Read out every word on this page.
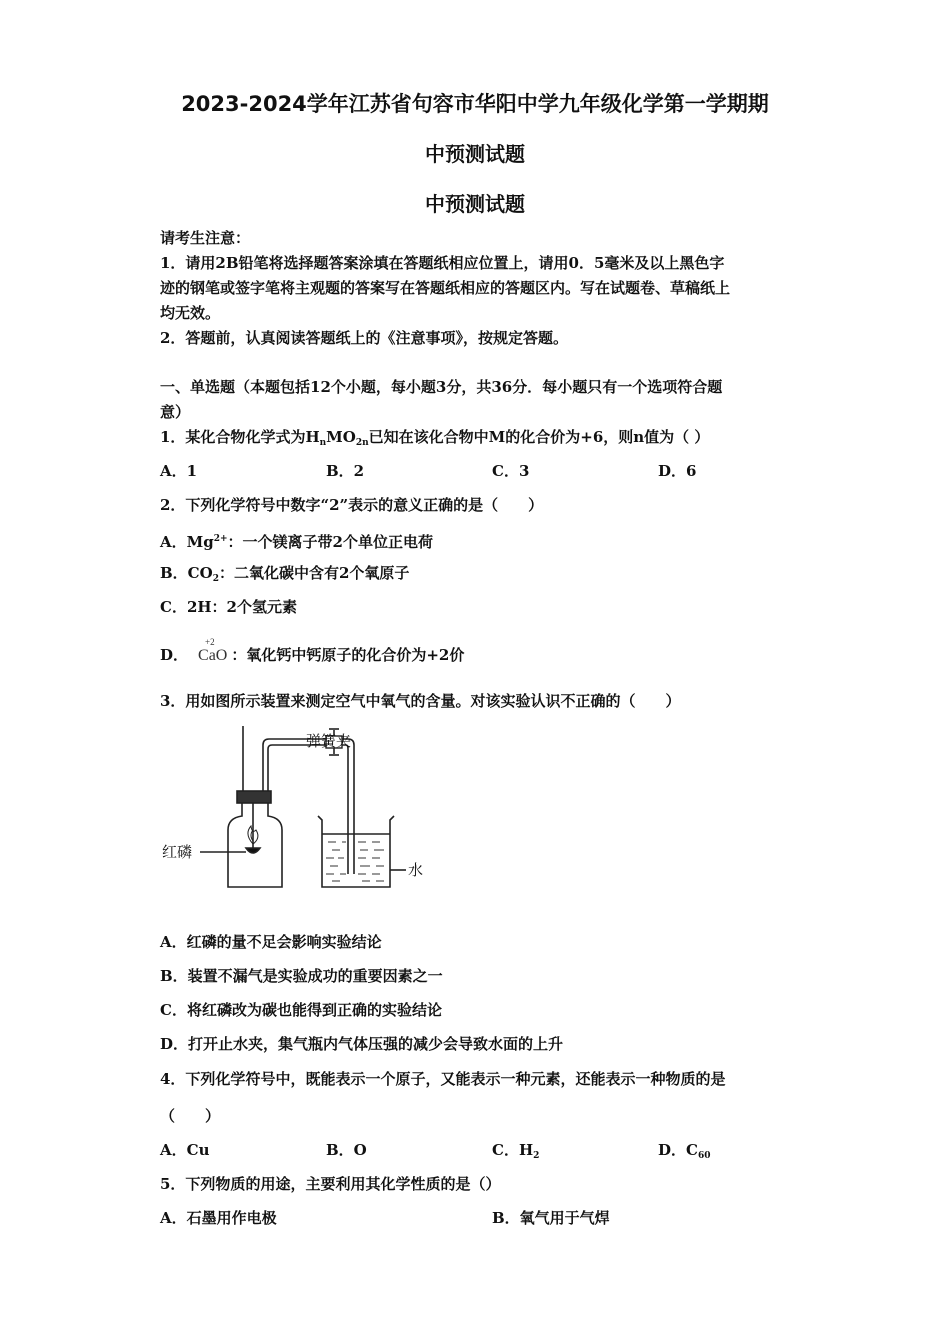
2023-2024学年江苏省句容市华阳中学九年级化学第一学期期
中预测试题
中预测试题
请考生注意：
1．请用2B铅笔将选择题答案涂填在答题纸相应位置上，请用0．5毫米及以上黑色字
迹的钢笔或签字笔将主观题的答案写在答题纸相应的答题区内。写在试题卷、草稿纸上
均无效。
2．答题前，认真阅读答题纸上的《注意事项》，按规定答题。
一、单选题（本题包括12个小题，每小题3分，共36分．每小题只有一个选项符合题
意）
1．某化合物化学式为$H_nMO_{2n}$已知在该化合物中M的化合价为+6，则n值为（ ）
A．1	B．2	C．3	D．6
2．下列化学符号中数字“2”表示的意义正确的是（　　）
A．$Mg^{2+}$：一个镁离子带2个单位正电荷
B．$CO_2$：二氧化碳中含有2个氧原子
C．2H：2个氢元素
D．
+2
CaO ：氧化钙中钙原子的化合价为+2价
3．用如图所示装置来测定空气中氧气的含量。对该实验认识不正确的（　　）
弹簧夹
红磷
水
A．红磷的量不足会影响实验结论
B．装置不漏气是实验成功的重要因素之一
C．将红磷改为碳也能得到正确的实验结论
D．打开止水夹，集气瓶内气体压强的减少会导致水面的上升
4．下列化学符号中，既能表示一个原子，又能表示一种元素，还能表示一种物质的是
（　　）
A．Cu	B．O	C．$H_2$	D．$C_{60}$
5．下列物质的用途，主要利用其化学性质的是（）
A．石墨用作电极	B．氧气用于气焊
